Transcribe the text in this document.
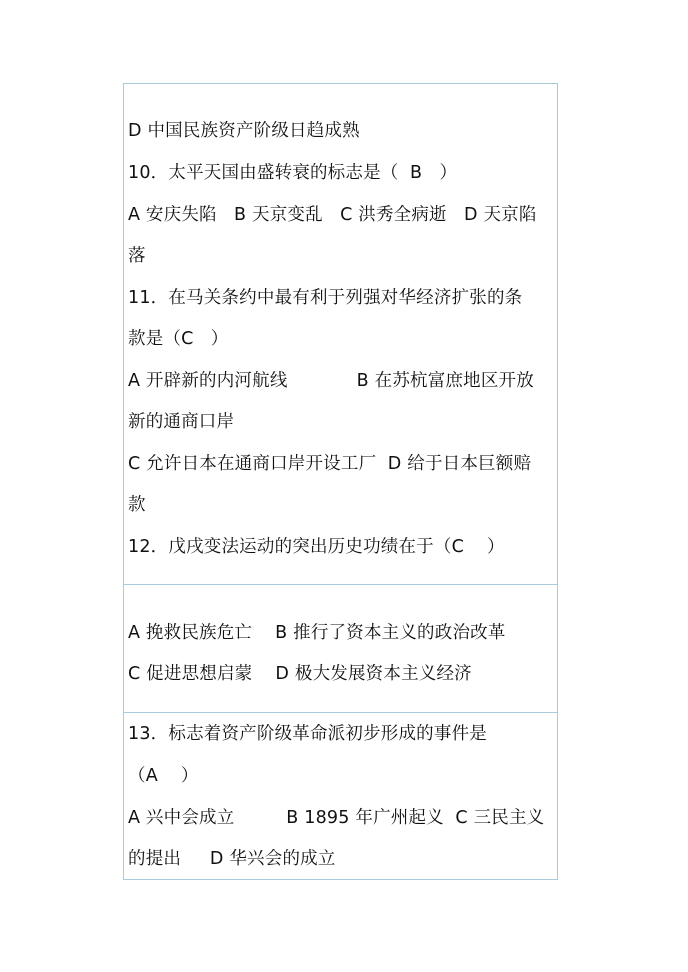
D 中国民族资产阶级日趋成熟
10．太平天国由盛转衰的标志是（  B   ）
A 安庆失陷   B 天京变乱   C 洪秀全病逝   D 天京陷
落
11．在马关条约中最有利于列强对华经济扩张的条
款是（C   ）
A 开辟新的内河航线            B 在苏杭富庶地区开放
新的通商口岸
C 允许日本在通商口岸开设工厂  D 给于日本巨额赔
款
12．戊戌变法运动的突出历史功绩在于（C    ）
A 挽救民族危亡    B 推行了资本主义的政治改革
C 促进思想启蒙    D 极大发展资本主义经济
13．标志着资产阶级革命派初步形成的事件是
（A    ）
A 兴中会成立         B 1895 年广州起义  C 三民主义
的提出     D 华兴会的成立
